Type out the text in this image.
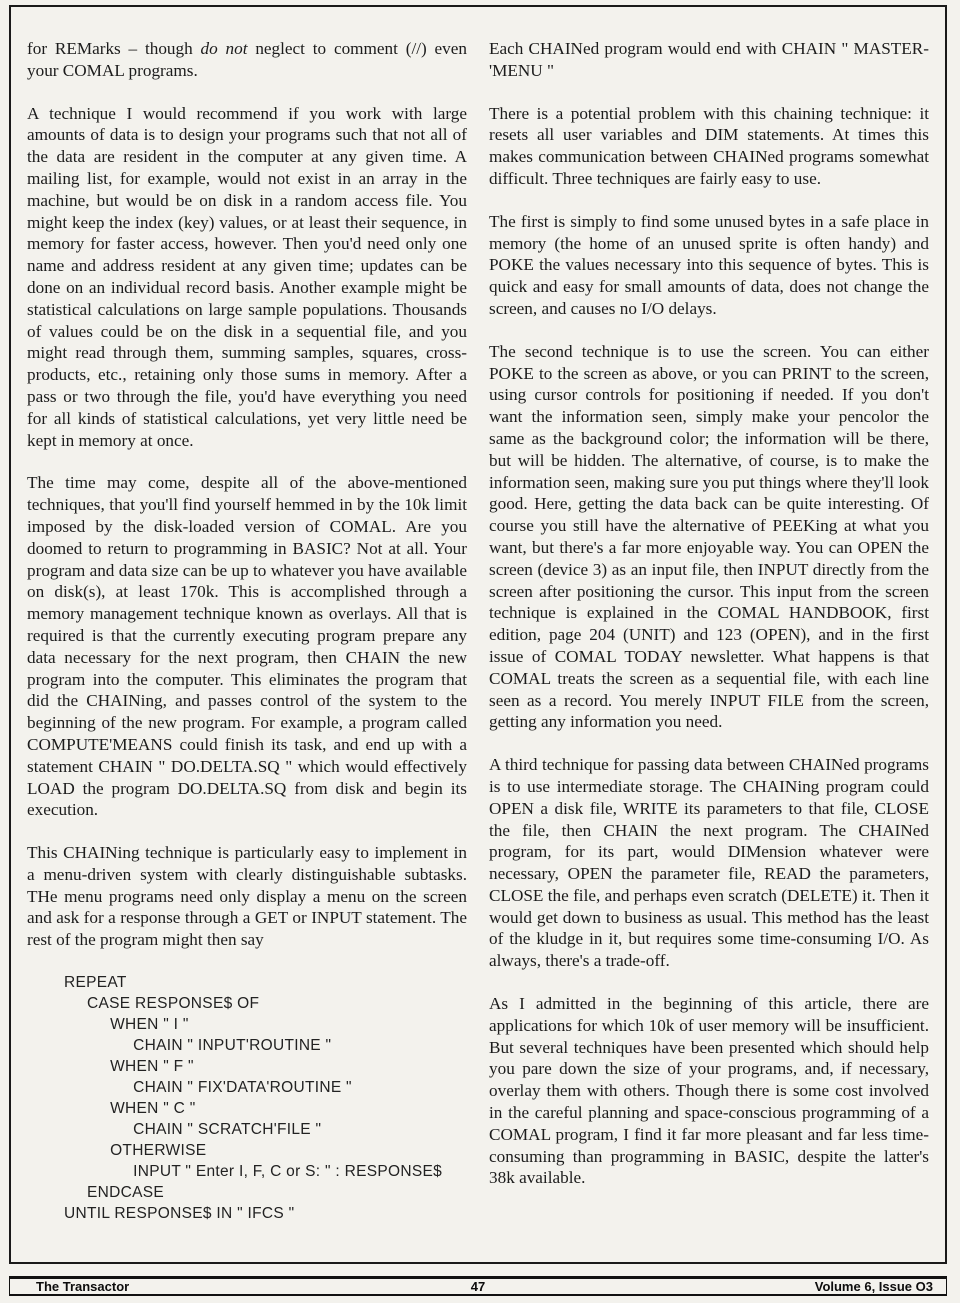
for REMarks – though do not neglect to comment (//) even your COMAL programs.

A technique I would recommend if you work with large amounts of data is to design your programs such that not all of the data are resident in the computer at any given time. A mailing list, for example, would not exist in an array in the machine, but would be on disk in a random access file. You might keep the index (key) values, or at least their sequence, in memory for faster access, however. Then you'd need only one name and address resident at any given time; updates can be done on an individual record basis. Another example might be statistical calculations on large sample populations. Thousands of values could be on the disk in a sequential file, and you might read through them, summing samples, squares, cross-products, etc., retaining only those sums in memory. After a pass or two through the file, you'd have everything you need for all kinds of statistical calculations, yet very little need be kept in memory at once.

The time may come, despite all of the above-mentioned techniques, that you'll find yourself hemmed in by the 10k limit imposed by the disk-loaded version of COMAL. Are you doomed to return to programming in BASIC? Not at all. Your program and data size can be up to whatever you have available on disk(s), at least 170k. This is accomplished through a memory management technique known as overlays. All that is required is that the currently executing program prepare any data necessary for the next program, then CHAIN the new program into the computer. This eliminates the program that did the CHAINing, and passes control of the system to the beginning of the new program. For example, a program called COMPUTE'MEANS could finish its task, and end up with a statement CHAIN " DO.DELTA.SQ " which would effectively LOAD the program DO.DELTA.SQ from disk and begin its execution.

This CHAINing technique is particularly easy to implement in a menu-driven system with clearly distinguishable subtasks. THe menu programs need only display a menu on the screen and ask for a response through a GET or INPUT statement. The rest of the program might then say

REPEAT
CASE RESPONSE$ OF
WHEN " I "
CHAIN " INPUT'ROUTINE "
WHEN " F "
CHAIN " FIX'DATA'ROUTINE "
WHEN " C "
CHAIN " SCRATCH'FILE "
OTHERWISE
INPUT " Enter I, F, C or S: " : RESPONSE$
ENDCASE
UNTIL RESPONSE$ IN " IFCS "

Each CHAINed program would end with CHAIN " MASTER-'MENU "

There is a potential problem with this chaining technique: it resets all user variables and DIM statements. At times this makes communication between CHAINed programs somewhat difficult. Three techniques are fairly easy to use.

The first is simply to find some unused bytes in a safe place in memory (the home of an unused sprite is often handy) and POKE the values necessary into this sequence of bytes. This is quick and easy for small amounts of data, does not change the screen, and causes no I/O delays.

The second technique is to use the screen. You can either POKE to the screen as above, or you can PRINT to the screen, using cursor controls for positioning if needed. If you don't want the information seen, simply make your pencolor the same as the background color; the information will be there, but will be hidden. The alternative, of course, is to make the information seen, making sure you put things where they'll look good. Here, getting the data back can be quite interesting. Of course you still have the alternative of PEEKing at what you want, but there's a far more enjoyable way. You can OPEN the screen (device 3) as an input file, then INPUT directly from the screen after positioning the cursor. This input from the screen technique is explained in the COMAL HANDBOOK, first edition, page 204 (UNIT) and 123 (OPEN), and in the first issue of COMAL TODAY newsletter. What happens is that COMAL treats the screen as a sequential file, with each line seen as a record. You merely INPUT FILE from the screen, getting any information you need.

A third technique for passing data between CHAINed programs is to use intermediate storage. The CHAINing program could OPEN a disk file, WRITE its parameters to that file, CLOSE the file, then CHAIN the next program. The CHAINed program, for its part, would DIMension whatever were necessary, OPEN the parameter file, READ the parameters, CLOSE the file, and perhaps even scratch (DELETE) it. Then it would get down to business as usual. This method has the least of the kludge in it, but requires some time-consuming I/O. As always, there's a trade-off.

As I admitted in the beginning of this article, there are applications for which 10k of user memory will be insufficient. But several techniques have been presented which should help you pare down the size of your programs, and, if necessary, overlay them with others. Though there is some cost involved in the careful planning and space-conscious programming of a COMAL program, I find it far more pleasant and far less time-consuming than programming in BASIC, despite the latter's 38k available.

The Transactor	47	Volume 6, Issue O3
